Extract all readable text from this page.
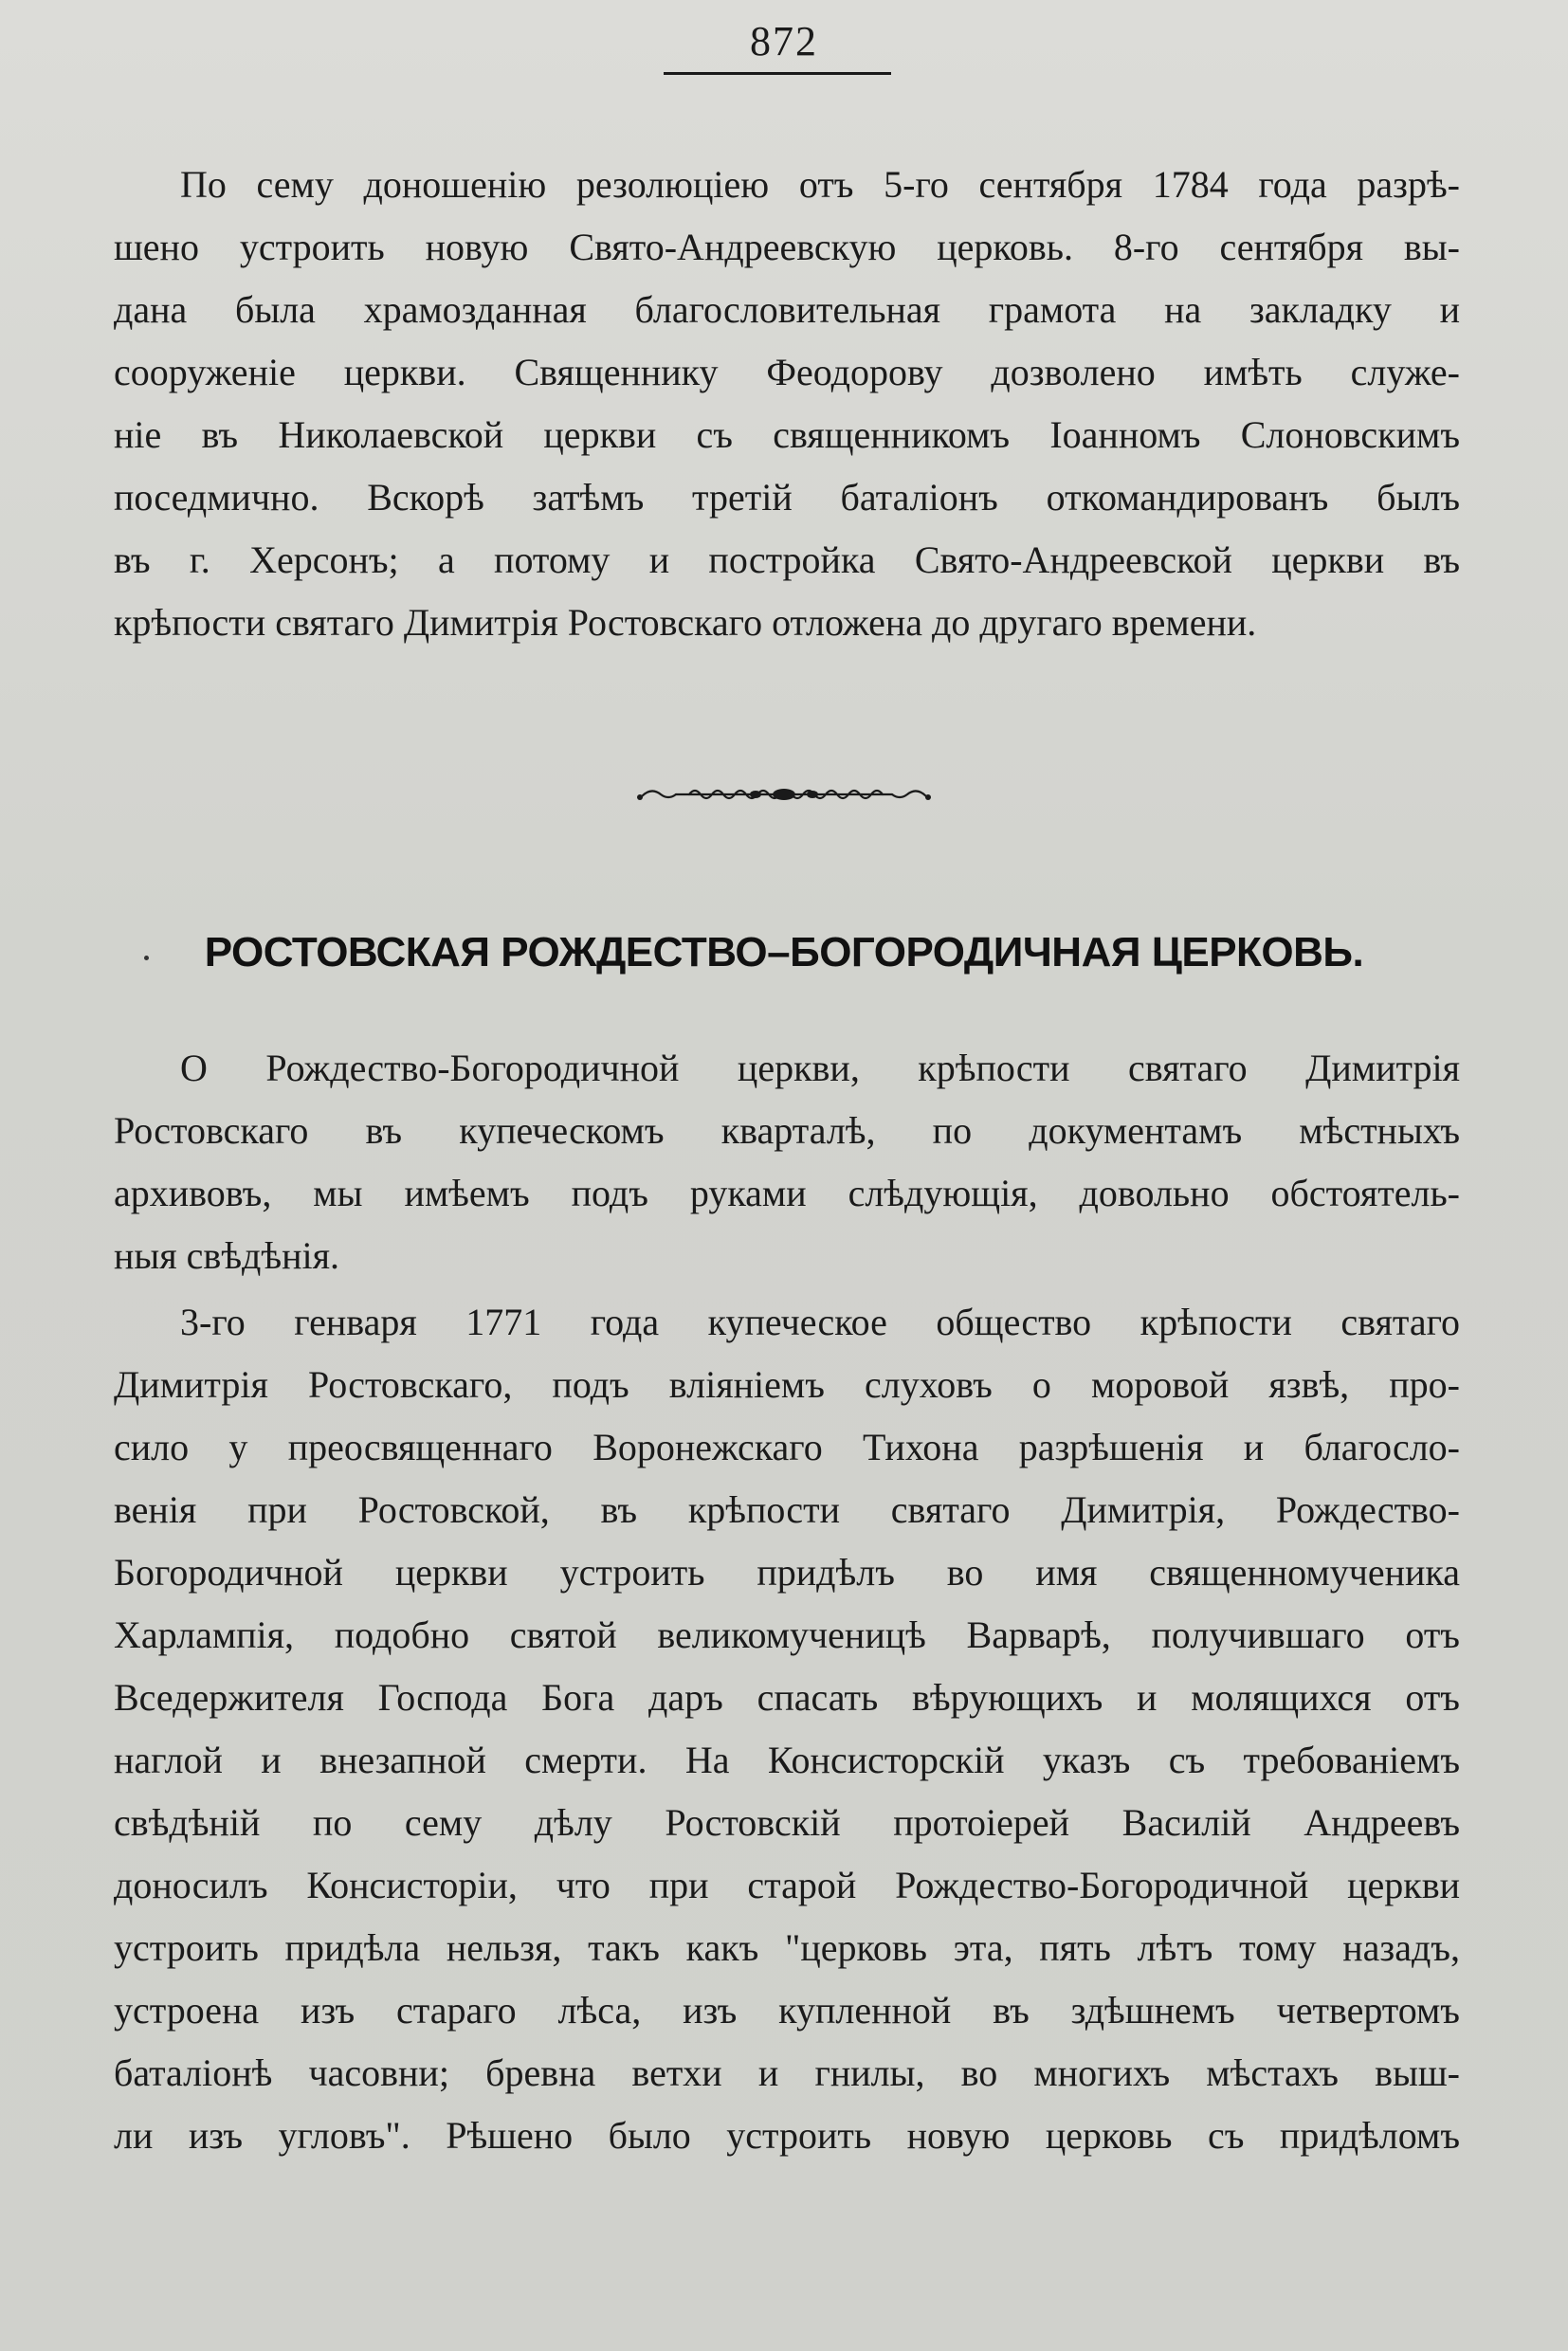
872
По сему доношенію резолюціею отъ 5-го сентября 1784 года разрѣ-
шено устроить новую Свято-Андреевскую церковь. 8-го сентября вы-
дана была храмозданная благословительная грамота на закладку и
сооруженіе церкви. Священнику Феодорову дозволено имѣть служе-
ніе въ Николаевской церкви съ священникомъ Іоанномъ Слоновскимъ
поседмично. Вскорѣ затѣмъ третій баталіонъ откомандированъ былъ
въ г. Херсонъ; а потому и постройка Свято-Андреевской церкви въ
крѣпости святаго Димитрія Ростовскаго отложена до другаго времени.
РОСТОВСКАЯ РОЖДЕСТВО–БОГОРОДИЧНАЯ ЦЕРКОВЬ.
О Рождество-Богородичной церкви, крѣпости святаго Димитрія
Ростовскаго въ купеческомъ кварталѣ, по документамъ мѣстныхъ
архивовъ, мы имѣемъ подъ руками слѣдующія, довольно обстоятель-
ныя свѣдѣнія.
3-го генваря 1771 года купеческое общество крѣпости святаго
Димитрія Ростовскаго, подъ вліяніемъ слуховъ о моровой язвѣ, про-
сило у преосвященнаго Воронежскаго Тихона разрѣшенія и благосло-
венія при Ростовской, въ крѣпости святаго Димитрія, Рождество-
Богородичной церкви устроить придѣлъ во имя священномученика
Харлампія, подобно святой великомученицѣ Варварѣ, получившаго отъ
Вседержителя Господа Бога даръ спасать вѣрующихъ и молящихся отъ
наглой и внезапной смерти. На Консисторскій указъ съ требованіемъ
свѣдѣній по сему дѣлу Ростовскій протоіерей Василій Андреевъ
доносилъ Консисторіи, что при старой Рождество-Богородичной церкви
устроить придѣла нельзя, такъ какъ "церковь эта, пять лѣтъ тому назадъ,
устроена изъ стараго лѣса, изъ купленной въ здѣшнемъ четвертомъ
баталіонѣ часовни; бревна ветхи и гнилы, во многихъ мѣстахъ выш-
ли изъ угловъ". Рѣшено было устроить новую церковь съ придѣломъ
